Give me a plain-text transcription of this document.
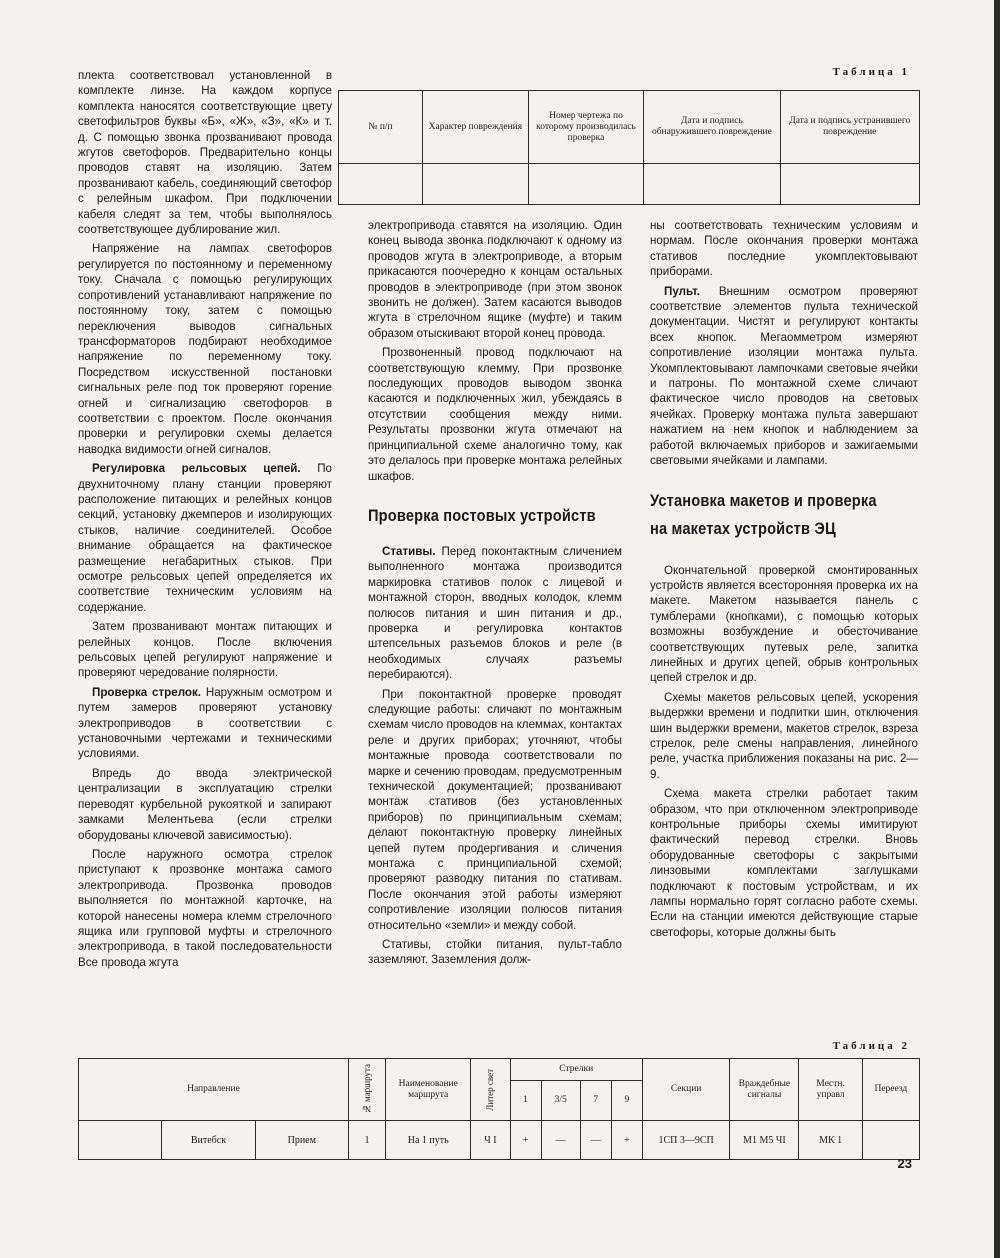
Таблица 1
№ п/п	Характер повреждения	Номер чертежа по которому производилась проверка	Дата и подпись обнаружившего повреждение	Дата и подпись устранившего повреждение

плекта соответствовал установленной в комплекте линзе. На каждом корпусе комплекта наносятся соответствующие цвету светофильтров буквы «Б», «Ж», «З», «К» и т. д. С помощью звонка прозванивают провода жгутов светофоров. Предварительно концы проводов ставят на изоляцию. Затем прозванивают кабель, соединяющий светофор с релейным шкафом. При подключении кабеля следят за тем, чтобы выполнялось соответствующее дублирование жил.

Напряжение на лампах светофоров регулируется по постоянному и переменному току. Сначала с помощью регулирующих сопротивлений устанавливают напряжение по постоянному току, затем с помощью переключения выводов сигнальных трансформаторов подбирают необходимое напряжение по переменному току. Посредством искусственной постановки сигнальных реле под ток проверяют горение огней и сигнализацию светофоров в соответствии с проектом. После окончания проверки и регулировки схемы делается наводка видимости огней сигналов.

Регулировка рельсовых цепей. По двухниточному плану станции проверяют расположение питающих и релейных концов секций, установку джемперов и изолирующих стыков, наличие соединителей. Особое внимание обращается на фактическое размещение негабаритных стыков. При осмотре рельсовых цепей определяется их соответствие техническим условиям на содержание.

Затем прозванивают монтаж питающих и релейных концов. После включения рельсовых цепей регулируют напряжение и проверяют чередование полярности.

Проверка стрелок. Наружным осмотром и путем замеров проверяют установку электроприводов в соответствии с установочными чертежами и техническими условиями.

Впредь до ввода электрической централизации в эксплуатацию стрелки переводят курбельной рукояткой и запирают замками Мелентьева (если стрелки оборудованы ключевой зависимостью).

После наружного осмотра стрелок приступают к прозвонке монтажа самого электропривода. Прозвонка проводов выполняется по монтажной карточке, на которой нанесены номера клемм стрелочного ящика или групповой муфты и стрелочного электропривода, в такой последовательности Все провода жгута

электропривода ставятся на изоляцию. Один конец вывода звонка подключают к одному из проводов жгута в электроприводе, а вторым прикасаются поочередно к концам остальных проводов в электроприводе (при этом звонок звонить не должен). Затем касаются выводов жгута в стрелочном ящике (муфте) и таким образом отыскивают второй конец провода.

Прозвоненный провод подключают на соответствующую клемму. При прозвонке последующих проводов выводом звонка касаются и подключенных жил, убеждаясь в отсутствии сообщения между ними. Результаты прозвонки жгута отмечают на принципиальной схеме аналогично тому, как это делалось при проверке монтажа релейных шкафов.

Проверка постовых устройств

Стативы. Перед поконтактным сличением выполненного монтажа производится маркировка стативов полок с лицевой и монтажной сторон, вводных колодок, клемм полюсов питания и шин питания и др., проверка и регулировка контактов штепсельных разъемов блоков и реле (в необходимых случаях разъемы перебираются).

При поконтактной проверке проводят следующие работы: сличают по монтажным схемам число проводов на клеммах, контактах реле и других приборах; уточняют, чтобы монтажные провода соответствовали по марке и сечению проводам, предусмотренным технической документацией; прозванивают монтаж стативов (без установленных приборов) по принципиальным схемам; делают поконтактную проверку линейных цепей путем продергивания и сличения монтажа с принципиальной схемой; проверяют разводку питания по стативам. После окончания этой работы измеряют сопротивление изоляции полюсов питания относительно «земли» и между собой.

Стативы, стойки питания, пульт-табло заземляют. Заземления долж-

ны соответствовать техническим условиям и нормам. После окончания проверки монтажа стативов последние укомплектовывают приборами.

Пульт. Внешним осмотром проверяют соответствие элементов пульта технической документации. Чистят и регулируют контакты всех кнопок. Мегаомметром измеряют сопротивление изоляции монтажа пульта. Укомплектовывают лампочками световые ячейки и патроны. По монтажной схеме сличают фактическое число проводов на световых ячейках. Проверку монтажа пульта завершают нажатием на нем кнопок и наблюдением за работой включаемых приборов и зажигаемыми световыми ячейками и лампами.

Установка макетов и проверка
на макетах устройств ЭЦ

Окончательной проверкой смонтированных устройств является всесторонняя проверка их на макете. Макетом называется панель с тумблерами (кнопками), с помощью которых возможны возбуждение и обесточивание соответствующих путевых реле, запитка линейных и других цепей, обрыв контрольных цепей стрелок и др.

Схемы макетов рельсовых цепей, ускорения выдержки времени и подпитки шин, отключения шин выдержки времени, макетов стрелок, взреза стрелок, реле смены направления, линейного реле, участка приближения показаны на рис. 2—9.

Схема макета стрелки работает таким образом, что при отключенном электроприводе контрольные приборы схемы имитируют фактический перевод стрелки. Вновь оборудованные светофоры с закрытыми линзовыми комплектами заглушками подключают к постовым устройствам, и их лампы нормально горят согласно работе схемы. Если на станции имеются действующие старые светофоры, которые должны быть

Таблица 2
Направление			№ маршрута	Наименование маршрута	Литер свет	Стрелки				Секции	Враждебные сигналы	Местн. управл	Переезд
						1	3/5	7	9				
	Витебск	Прием	1	На 1 путь	Ч I	+	—	—	+	1СП 3—9СП	М1 М5 ЧI	МК 1	
23
